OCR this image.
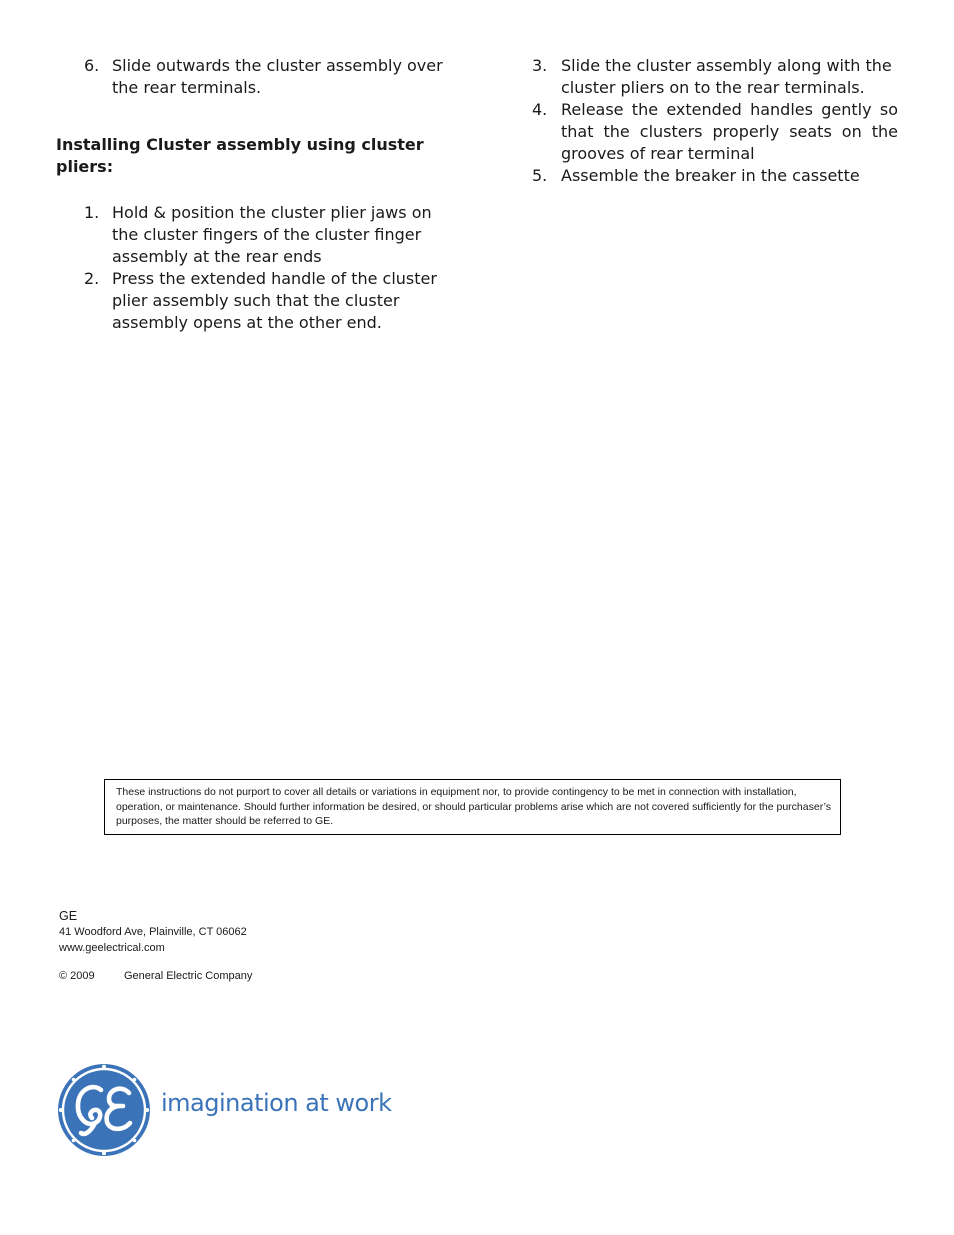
6. Slide outwards the cluster assembly over the rear terminals.
Installing Cluster assembly using cluster pliers:
1. Hold & position the cluster plier jaws on the cluster fingers of the cluster finger assembly at the rear ends
2. Press the extended handle of the cluster plier assembly such that the cluster assembly opens at the other end.
3. Slide the cluster assembly along with the cluster pliers on to the rear terminals.
4. Release the extended handles gently so that the clusters properly seats on the grooves of rear terminal
5. Assemble the breaker in the cassette
These instructions do not purport to cover all details or variations in equipment nor, to provide contingency to be met in connection with installation, operation, or maintenance. Should further information be desired, or should particular problems arise which are not covered sufficiently for the purchaser’s purposes, the matter should be referred to GE.
GE
41 Woodford Ave, Plainville, CT 06062
www.geelectrical.com
© 2009	General Electric Company
imagination at work
